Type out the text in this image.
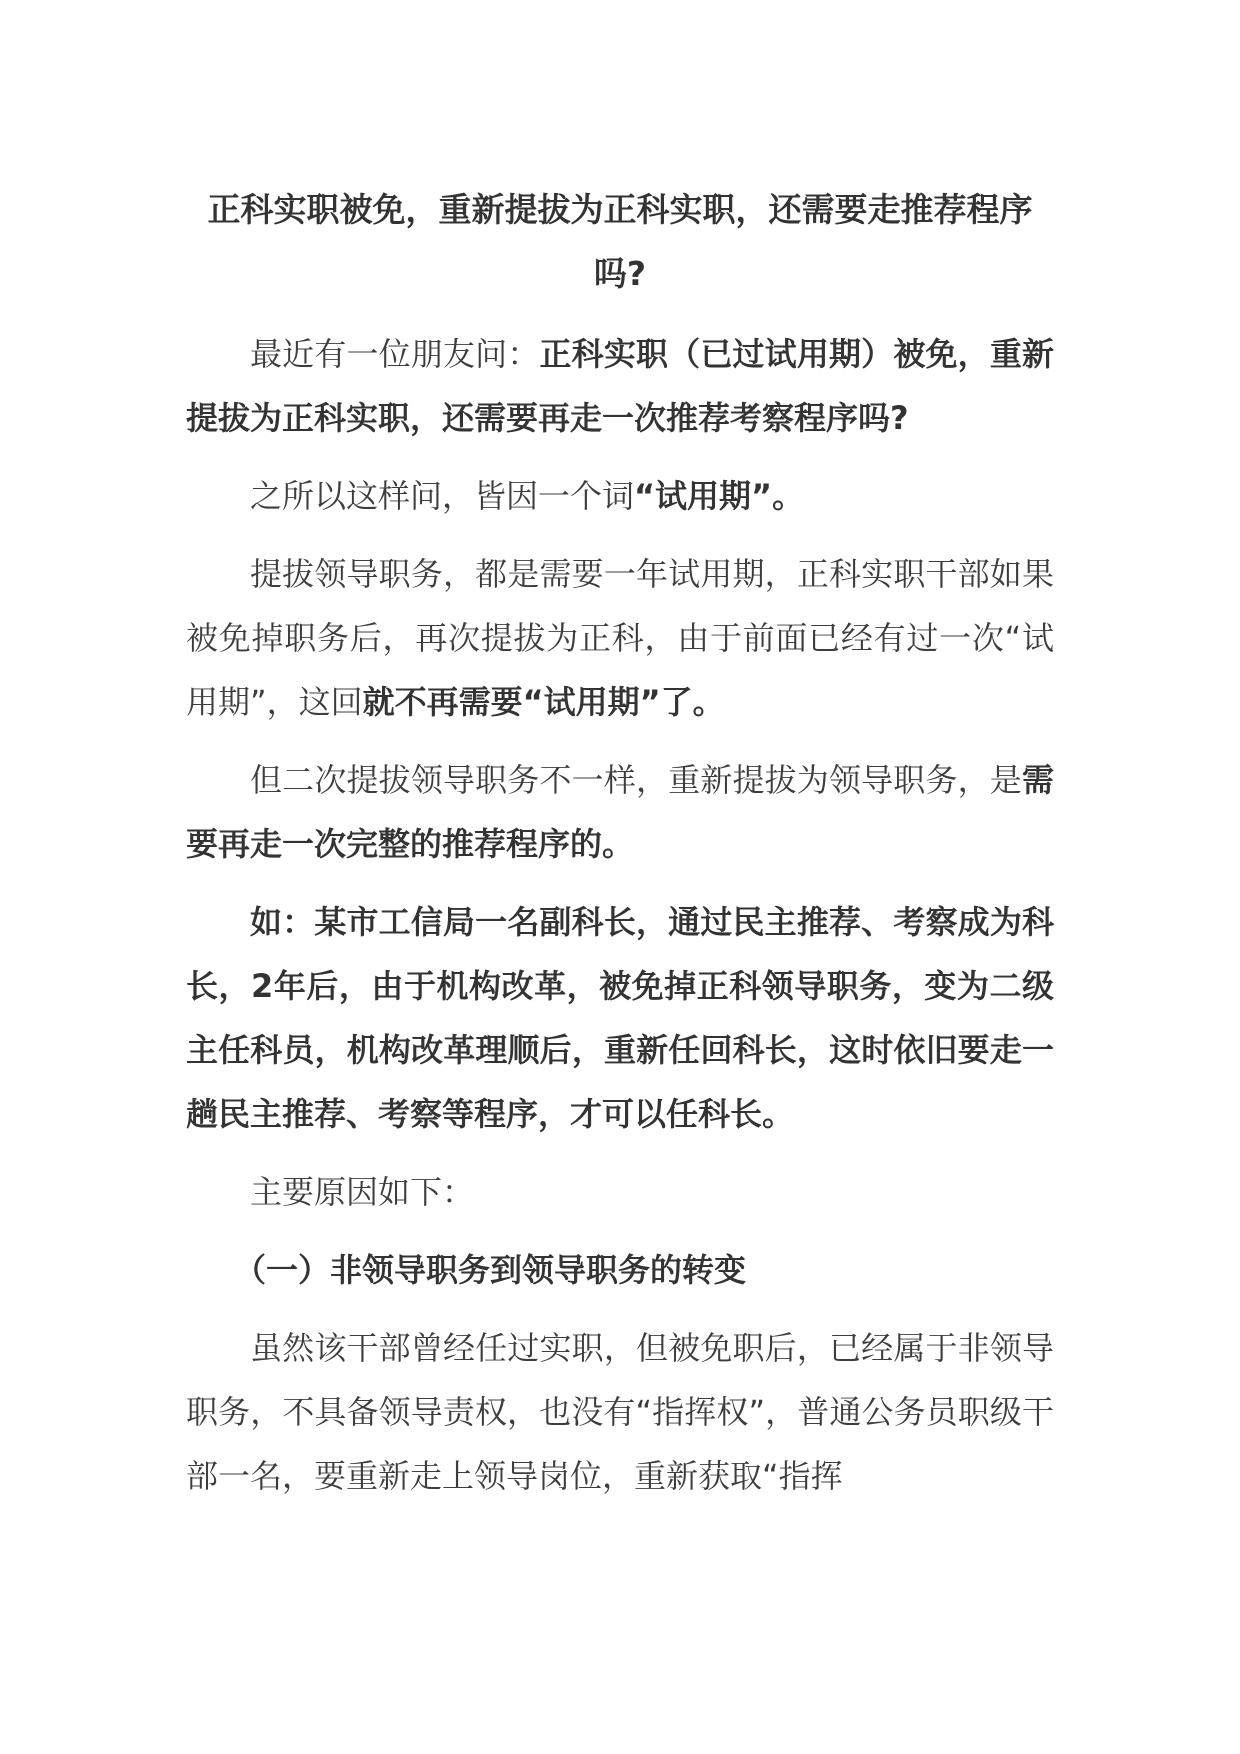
正科实职被免，重新提拔为正科实职，还需要走推荐程序吗?

最近有一位朋友问：正科实职（已过试用期）被免，重新提拔为正科实职，还需要再走一次推荐考察程序吗?

之所以这样问，皆因一个词“试用期”。

提拔领导职务，都是需要一年试用期，正科实职干部如果被免掉职务后，再次提拔为正科，由于前面已经有过一次“试用期”，这回就不再需要“试用期”了。

但二次提拔领导职务不一样，重新提拔为领导职务，是需要再走一次完整的推荐程序的。

如：某市工信局一名副科长，通过民主推荐、考察成为科长，2年后，由于机构改革，被免掉正科领导职务，变为二级主任科员，机构改革理顺后，重新任回科长，这时依旧要走一趟民主推荐、考察等程序，才可以任科长。

主要原因如下：

（一）非领导职务到领导职务的转变

虽然该干部曾经任过实职，但被免职后，已经属于非领导职务，不具备领导责权，也没有“指挥权”，普通公务员职级干部一名，要重新走上领导岗位，重新获取“指挥
